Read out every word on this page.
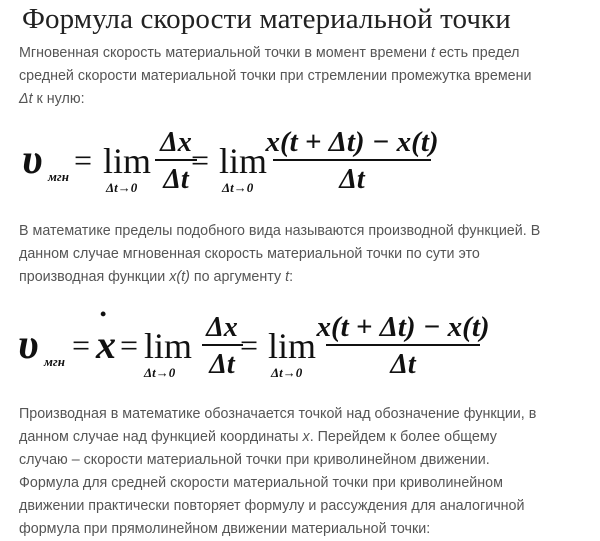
Формула скорости материальной точки
Мгновенная скорость материальной точки в момент времени t есть предел
средней скорости материальной точки при стремлении промежутка времени
Δt к нулю:
υ мгн = lim
Δt→0
Δx
Δt
= lim
Δt→0
x(t + Δt) − x(t)
Δt
В математике пределы подобного вида называются производной функцией. В
данном случае мгновенная скорость материальной точки по сути это
производная функции x(t) по аргументу t:
υ мгн =
•
x = lim
Δt→0
Δx
Δt
= lim
Δt→0
x(t + Δt) − x(t)
Δt
Производная в математике обозначается точкой над обозначение функции, в
данном случае над функцией координаты x. Перейдем к более общему
случаю – скорости материальной точки при криволинейном движении.
Формула для средней скорости материальной точки при криволинейном
движении практически повторяет формулу и рассуждения для аналогичной
формула при прямолинейном движении материальной точки:
